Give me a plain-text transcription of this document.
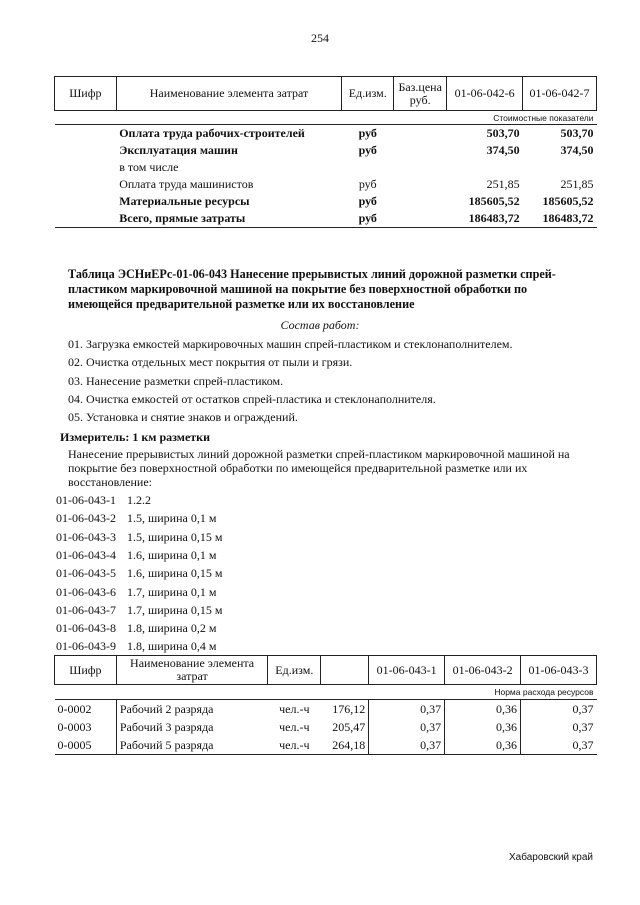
254
Шифр	Наименование элемента затрат	Ед.изм.	Баз.цена руб.	01-06-042-6	01-06-042-7
Стоимостные показатели					
	Оплата труда рабочих-строителей	руб		503,70	503,70
	Эксплуатация машин	руб		374,50	374,50
	в том числе				
	Оплата труда машинистов	руб		251,85	251,85
	Материальные ресурсы	руб		185605,52	185605,52
	Всего, прямые затраты	руб		186483,72	186483,72
Таблица ЭСНиЕРс-01-06-043 Нанесение прерывистых линий дорожной разметки спрей-пластиком маркировочной машиной на покрытие без поверхностной обработки по имеющейся предварительной разметке или их восстановление
Состав работ:
01. Загрузка емкостей маркировочных машин спрей-пластиком и стеклонаполнителем.
02. Очистка отдельных мест покрытия от пыли и грязи.
03. Нанесение разметки спрей-пластиком.
04. Очистка емкостей от остатков спрей-пластика и стеклонаполнителя.
05. Установка и снятие знаков и ограждений.
Измеритель: 1 км разметки
Нанесение прерывистых линий дорожной разметки спрей-пластиком маркировочной машиной на покрытие без поверхностной обработки по имеющейся предварительной разметке или их восстановление:
01-06-043-1 1.2.2
01-06-043-2 1.5, ширина 0,1 м
01-06-043-3 1.5, ширина 0,15 м
01-06-043-4 1.6, ширина 0,1 м
01-06-043-5 1.6, ширина 0,15 м
01-06-043-6 1.7, ширина 0,1 м
01-06-043-7 1.7, ширина 0,15 м
01-06-043-8 1.8, ширина 0,2 м
01-06-043-9 1.8, ширина 0,4 м
Шифр	Наименование элемента затрат	Ед.изм.		01-06-043-1	01-06-043-2	01-06-043-3
Норма расхода ресурсов						
0-0002	Рабочий 2 разряда	чел.-ч	176,12	0,37	0,36	0,37
0-0003	Рабочий 3 разряда	чел.-ч	205,47	0,37	0,36	0,37
0-0005	Рабочий 5 разряда	чел.-ч	264,18	0,37	0,36	0,37
Хабаровский край
